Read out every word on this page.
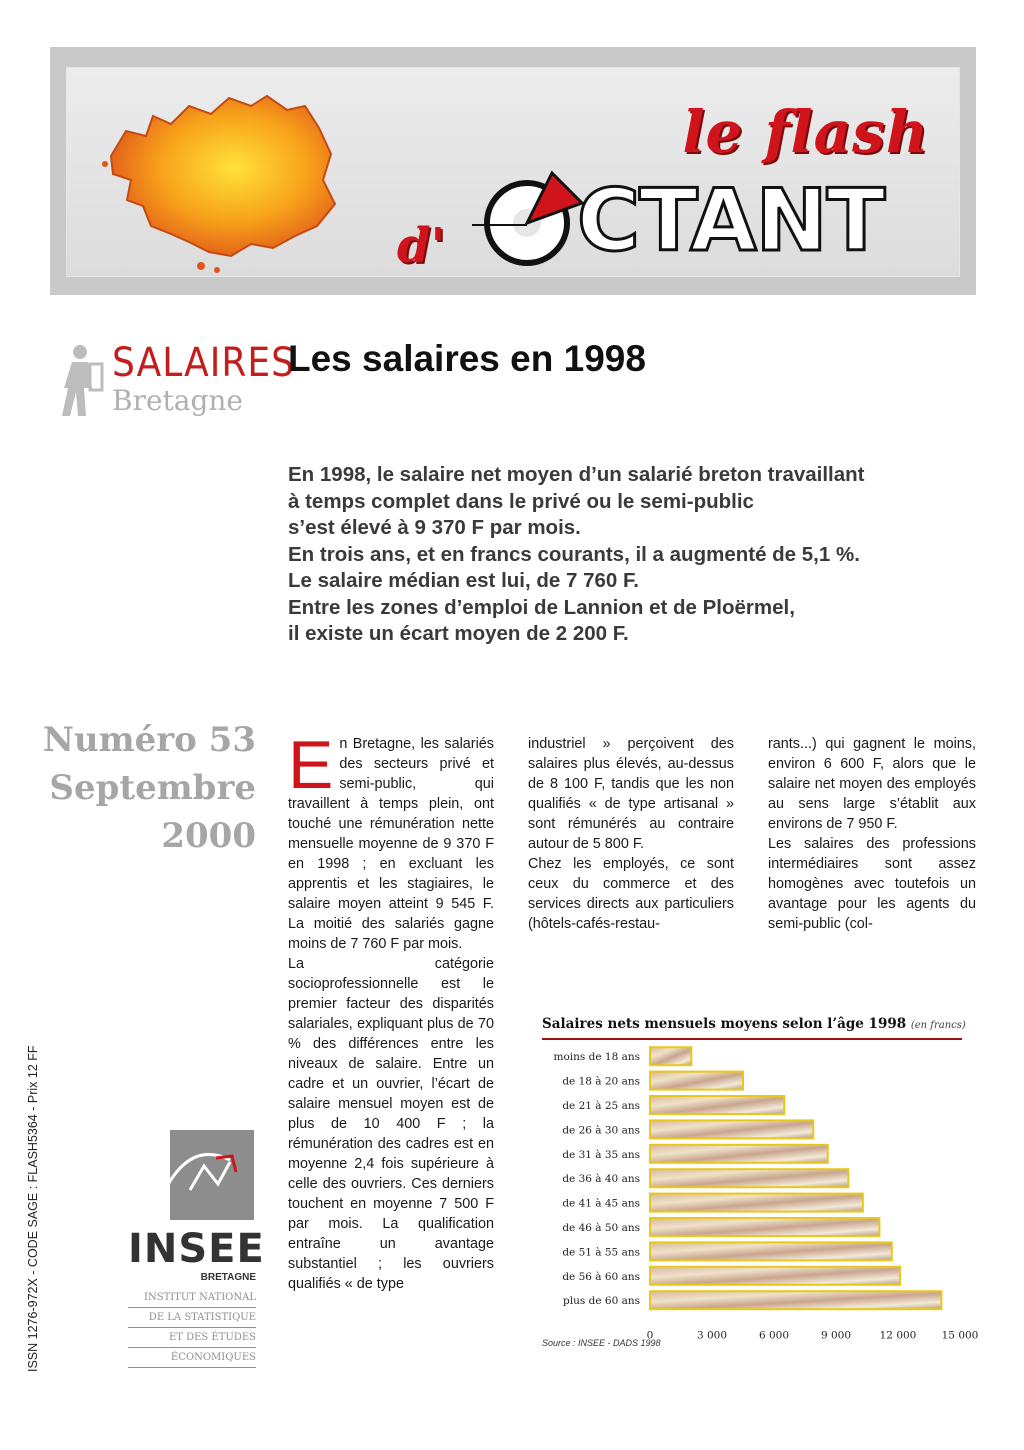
le flash
d' CTANT
SALAIRES
Bretagne
Les salaires en 1998
En 1998, le salaire net moyen d’un salarié breton travaillant
à temps complet dans le privé ou le semi-public
s’est élevé à 9 370 F par mois.
En trois ans, et en francs courants, il a augmenté de 5,1 %.
Le salaire médian est lui, de 7 760 F.
Entre les zones d’emploi de Lannion et de Ploërmel,
il existe un écart moyen de 2 200 F.
Numéro 53
Septembre
2000
ISSN 1276-972X - CODE SAGE : FLASH5364 - Prix 12 FF INSEE
BRETAGNE
INSTITUT NATIONAL
DE LA STATISTIQUE
ET DES ÉTUDES
ÉCONOMIQUES
E n Bretagne, les salariés des secteurs privé et semi-public, qui travaillent à temps plein, ont touché une rémunération nette mensuelle moyenne de 9 370 F en 1998 ; en excluant les apprentis et les stagiaires, le salaire moyen atteint 9 545 F. La moitié des salariés gagne moins de 7 760 F par mois.
La catégorie socioprofessionnelle est le premier facteur des disparités salariales, expliquant plus de 70 % des différences entre les niveaux de salaire. Entre un cadre et un ouvrier, l’écart de salaire mensuel moyen est de plus de 10 400 F ; la rémunération des cadres est en moyenne 2,4 fois supérieure à celle des ouvriers. Ces derniers touchent en moyenne 7 500 F par mois. La qualification entraîne un avantage substantiel ; les ouvriers qualifiés « de type
industriel » perçoivent des salaires plus élevés, au-dessus de 8 100 F, tandis que les non qualifiés « de type artisanal » sont rémunérés au contraire autour de 5 800 F.
Chez les employés, ce sont ceux du commerce et des services directs aux particuliers (hôtels-cafés-restau-
rants...) qui gagnent le moins, environ 6 600 F, alors que le salaire net moyen des employés au sens large s’établit aux environs de 7 950 F.
Les salaires des professions intermédiaires sont assez homogènes avec toutefois un avantage pour les agents du semi-public (col-
Salaires nets mensuels moyens selon l’âge 1998 (en francs)
moins de 18 ans
de 18 à 20 ans
de 21 à 25 ans
de 26 à 30 ans
de 31 à 35 ans
de 36 à 40 ans
de 41 à 45 ans
de 46 à 50 ans
de 51 à 55 ans
de 56 à 60 ans
plus de 60 ans
0	3 000	6 000	9 000	12 000 15 000
Source : INSEE - DADS 1998
